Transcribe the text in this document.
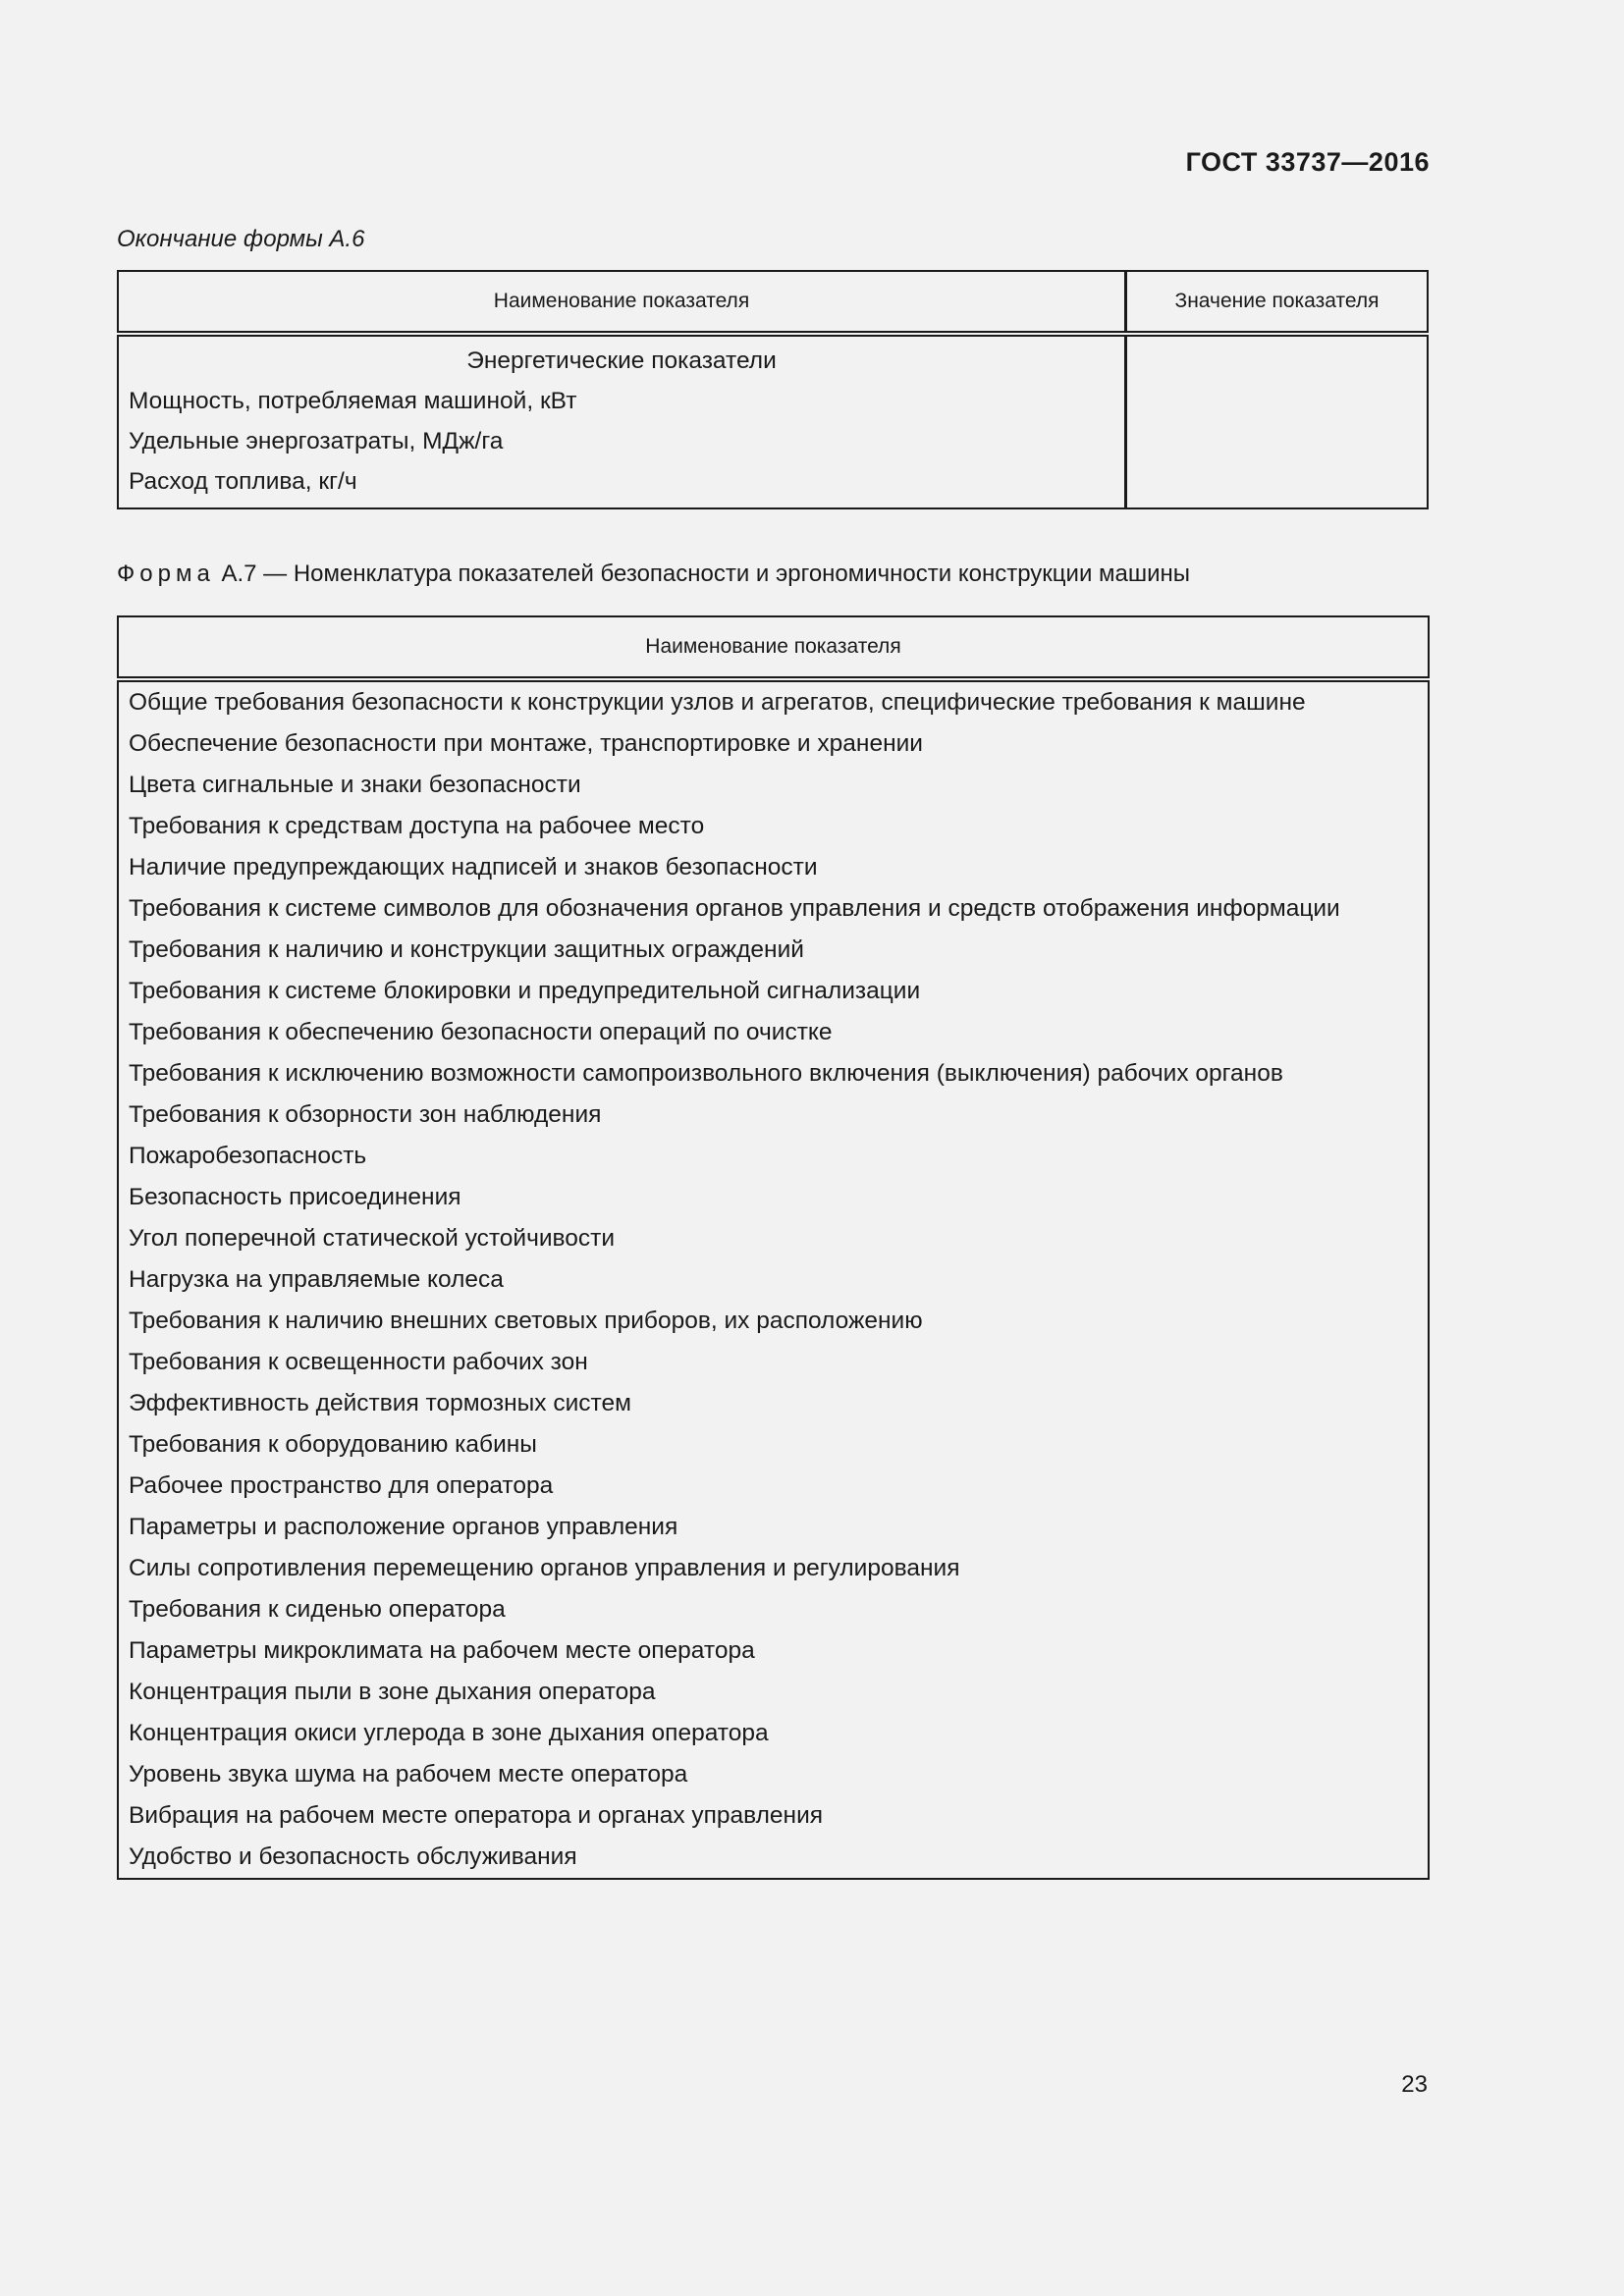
ГОСТ 33737—2016
Окончание формы А.6
Наименование показателя	Значение показателя

Энергетические показатели
Мощность, потребляемая машиной, кВт
Удельные энергозатраты, МДж/га
Расход топлива, кг/ч	

Форма А.7 — Номенклатура показателей безопасности и эргономичности конструкции машины
Наименование показателя
Общие требования безопасности к конструкции узлов и агрегатов, специфические требования к машине
Обеспечение безопасности при монтаже, транспортировке и хранении
Цвета сигнальные и знаки безопасности
Требования к средствам доступа на рабочее место
Наличие предупреждающих надписей и знаков безопасности
Требования к системе символов для обозначения органов управления и средств отображения информации
Требования к наличию и конструкции защитных ограждений
Требования к системе блокировки и предупредительной сигнализации
Требования к обеспечению безопасности операций по очистке
Требования к исключению возможности самопроизвольного включения (выключения) рабочих органов
Требования к обзорности зон наблюдения
Пожаробезопасность
Безопасность присоединения
Угол поперечной статической устойчивости
Нагрузка на управляемые колеса
Требования к наличию внешних световых приборов, их расположению
Требования к освещенности рабочих зон
Эффективность действия тормозных систем
Требования к оборудованию кабины
Рабочее пространство для оператора
Параметры и расположение органов управления
Силы сопротивления перемещению органов управления и регулирования
Требования к сиденью оператора
Параметры микроклимата на рабочем месте оператора
Концентрация пыли в зоне дыхания оператора
Концентрация окиси углерода в зоне дыхания оператора
Уровень звука шума на рабочем месте оператора
Вибрация на рабочем месте оператора и органах управления
Удобство и безопасность обслуживания
23
